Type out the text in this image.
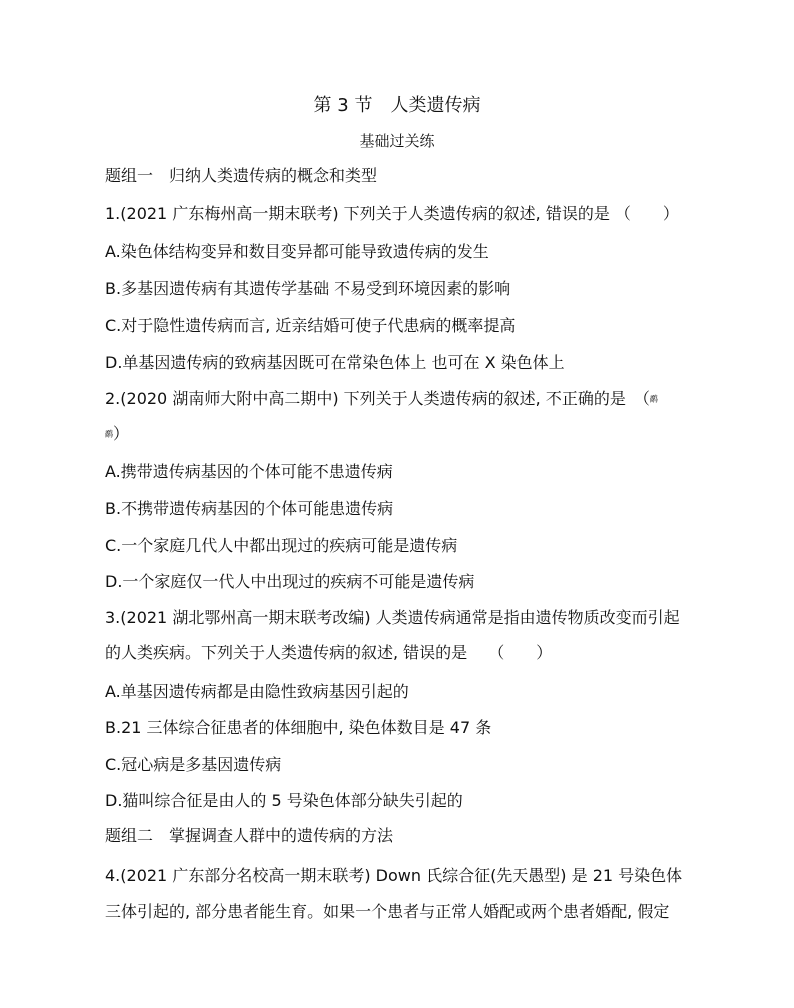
第 3 节　人类遗传病
基础过关练
题组一　归纳人类遗传病的概念和类型
1.(2021 广东梅州高一期末联考) 下列关于人类遗传病的叙述, 错误的是 （　　）
A.染色体结构变异和数目变异都可能导致遗传病的发生
B.多基因遗传病有其遗传学基础 不易受到环境因素的影响
C.对于隐性遗传病而言, 近亲结婚可使子代患病的概率提高
D.单基因遗传病的致病基因既可在常染色体上 也可在 X 染色体上
2.(2020 湖南师大附中高二期中) 下列关于人类遗传病的叙述, 不正确的是　（鹬
鹬）
A.携带遗传病基因的个体可能不患遗传病
B.不携带遗传病基因的个体可能患遗传病
C.一个家庭几代人中都出现过的疾病可能是遗传病
D.一个家庭仅一代人中出现过的疾病不可能是遗传病
3.(2021 湖北鄂州高一期末联考改编) 人类遗传病通常是指由遗传物质改变而引起
的人类疾病。下列关于人类遗传病的叙述, 错误的是　 （　　）
A.单基因遗传病都是由隐性致病基因引起的
B.21 三体综合征患者的体细胞中, 染色体数目是 47 条
C.冠心病是多基因遗传病
D.猫叫综合征是由人的 5 号染色体部分缺失引起的
题组二　掌握调查人群中的遗传病的方法
4.(2021 广东部分名校高一期末联考) Down 氏综合征(先天愚型) 是 21 号染色体
三体引起的, 部分患者能生育。如果一个患者与正常人婚配或两个患者婚配, 假定
